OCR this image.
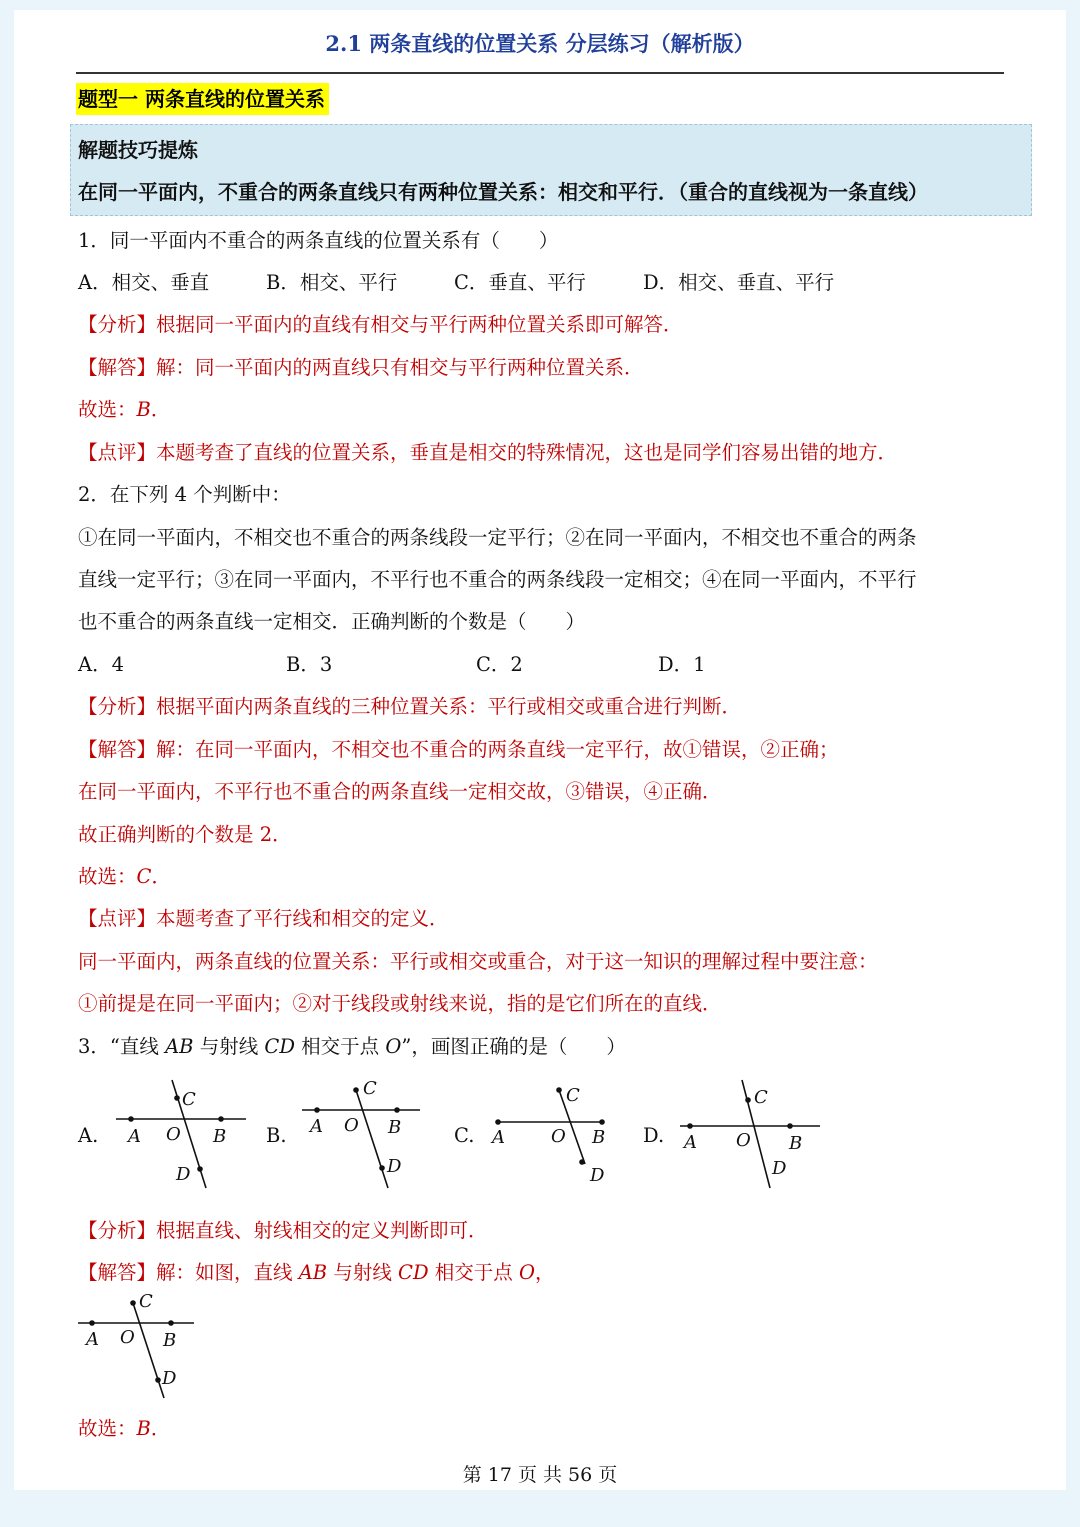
2.1 两条直线的位置关系 分层练习（解析版）
题型一 两条直线的位置关系
解题技巧提炼
在同一平面内，不重合的两条直线只有两种位置关系：相交和平行．（重合的直线视为一条直线）
1．同一平面内不重合的两条直线的位置关系有（　　）
A．相交、垂直	B．相交、平行	C．垂直、平行	D．相交、垂直、平行
【分析】根据同一平面内的直线有相交与平行两种位置关系即可解答．
【解答】解：同一平面内的两直线只有相交与平行两种位置关系．
故选：B．
【点评】本题考查了直线的位置关系，垂直是相交的特殊情况，这也是同学们容易出错的地方．
2．在下列 4 个判断中：
①在同一平面内，不相交也不重合的两条线段一定平行；②在同一平面内，不相交也不重合的两条
直线一定平行；③在同一平面内，不平行也不重合的两条线段一定相交；④在同一平面内，不平行
也不重合的两条直线一定相交．正确判断的个数是（　　）
A．4	B．3	C．2	D．1
【分析】根据平面内两条直线的三种位置关系：平行或相交或重合进行判断．
【解答】解：在同一平面内，不相交也不重合的两条直线一定平行，故①错误，②正确；
在同一平面内，不平行也不重合的两条直线一定相交故，③错误，④正确．
故正确判断的个数是 2．
故选：C．
【点评】本题考查了平行线和相交的定义．
同一平面内，两条直线的位置关系：平行或相交或重合，对于这一知识的理解过程中要注意：
①前提是在同一平面内；②对于线段或射线来说，指的是它们所在的直线．
3．“直线 AB 与射线 CD 相交于点 O”，画图正确的是（　　）
A.	B.	C.	D.
A O B
C
D
A O B
C
D
A	O B
C
D
A O B
C
D
【分析】根据直线、射线相交的定义判断即可．
【解答】解：如图，直线 AB 与射线 CD 相交于点 O，
A O B
C
D
故选：B．
第 17 页 共 56 页
